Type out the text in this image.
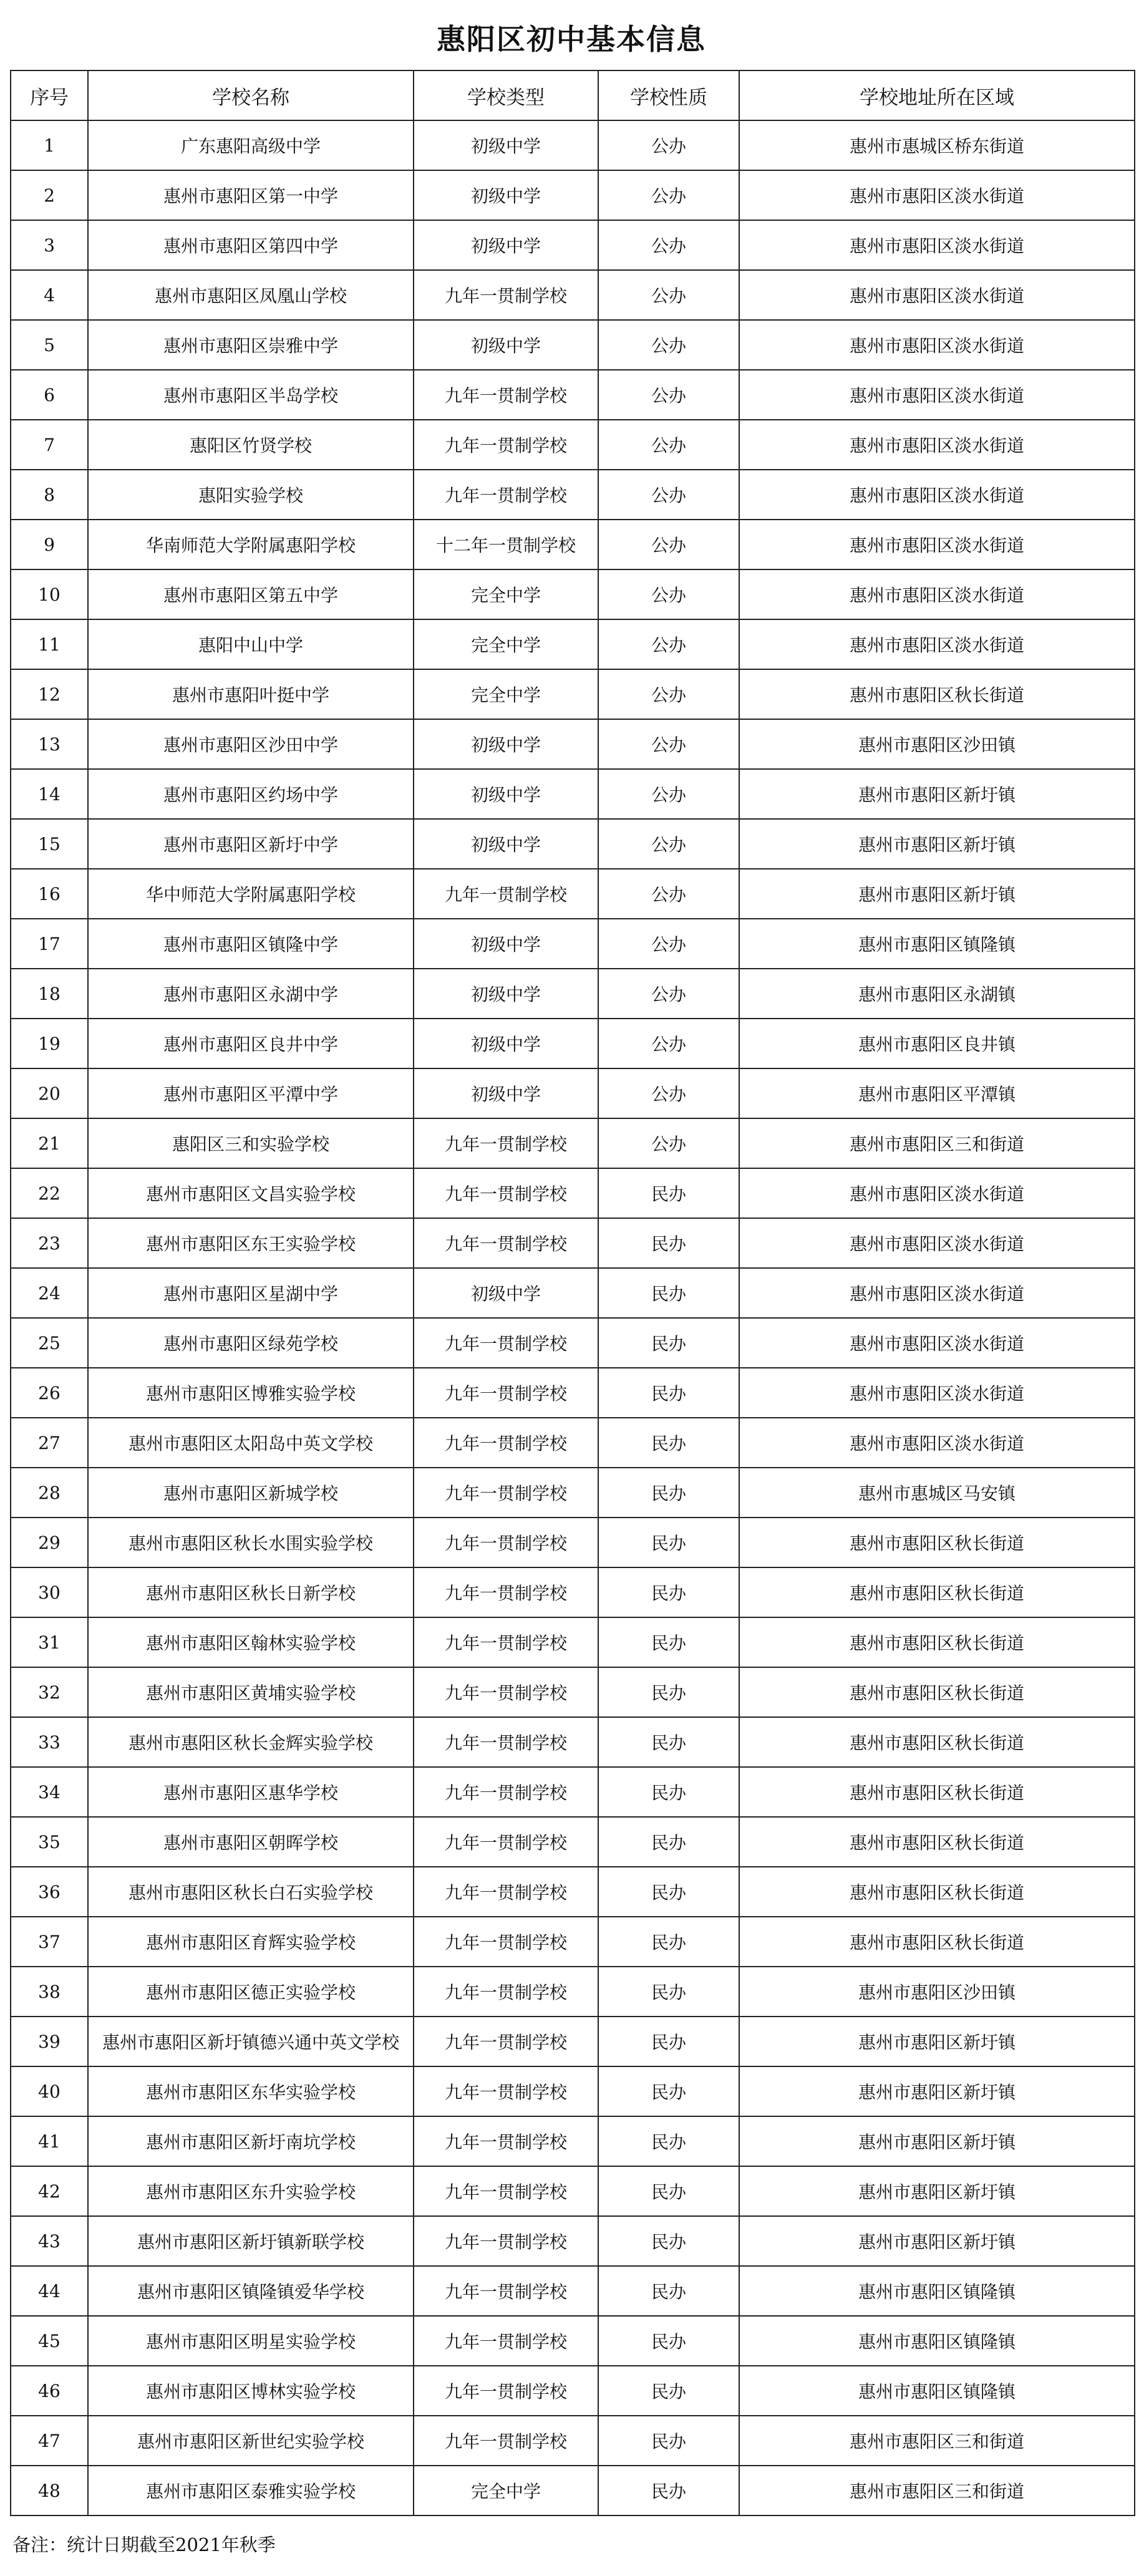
惠阳区初中基本信息
序号	学校名称	学校类型	学校性质	学校地址所在区域
1	广东惠阳高级中学	初级中学	公办	惠州市惠城区桥东街道
2	惠州市惠阳区第一中学	初级中学	公办	惠州市惠阳区淡水街道
3	惠州市惠阳区第四中学	初级中学	公办	惠州市惠阳区淡水街道
4	惠州市惠阳区凤凰山学校	九年一贯制学校	公办	惠州市惠阳区淡水街道
5	惠州市惠阳区崇雅中学	初级中学	公办	惠州市惠阳区淡水街道
6	惠州市惠阳区半岛学校	九年一贯制学校	公办	惠州市惠阳区淡水街道
7	惠阳区竹贤学校	九年一贯制学校	公办	惠州市惠阳区淡水街道
8	惠阳实验学校	九年一贯制学校	公办	惠州市惠阳区淡水街道
9	华南师范大学附属惠阳学校	十二年一贯制学校	公办	惠州市惠阳区淡水街道
10	惠州市惠阳区第五中学	完全中学	公办	惠州市惠阳区淡水街道
11	惠阳中山中学	完全中学	公办	惠州市惠阳区淡水街道
12	惠州市惠阳叶挺中学	完全中学	公办	惠州市惠阳区秋长街道
13	惠州市惠阳区沙田中学	初级中学	公办	惠州市惠阳区沙田镇
14	惠州市惠阳区约场中学	初级中学	公办	惠州市惠阳区新圩镇
15	惠州市惠阳区新圩中学	初级中学	公办	惠州市惠阳区新圩镇
16	华中师范大学附属惠阳学校	九年一贯制学校	公办	惠州市惠阳区新圩镇
17	惠州市惠阳区镇隆中学	初级中学	公办	惠州市惠阳区镇隆镇
18	惠州市惠阳区永湖中学	初级中学	公办	惠州市惠阳区永湖镇
19	惠州市惠阳区良井中学	初级中学	公办	惠州市惠阳区良井镇
20	惠州市惠阳区平潭中学	初级中学	公办	惠州市惠阳区平潭镇
21	惠阳区三和实验学校	九年一贯制学校	公办	惠州市惠阳区三和街道
22	惠州市惠阳区文昌实验学校	九年一贯制学校	民办	惠州市惠阳区淡水街道
23	惠州市惠阳区东王实验学校	九年一贯制学校	民办	惠州市惠阳区淡水街道
24	惠州市惠阳区星湖中学	初级中学	民办	惠州市惠阳区淡水街道
25	惠州市惠阳区绿苑学校	九年一贯制学校	民办	惠州市惠阳区淡水街道
26	惠州市惠阳区博雅实验学校	九年一贯制学校	民办	惠州市惠阳区淡水街道
27	惠州市惠阳区太阳岛中英文学校	九年一贯制学校	民办	惠州市惠阳区淡水街道
28	惠州市惠阳区新城学校	九年一贯制学校	民办	惠州市惠城区马安镇
29	惠州市惠阳区秋长水围实验学校	九年一贯制学校	民办	惠州市惠阳区秋长街道
30	惠州市惠阳区秋长日新学校	九年一贯制学校	民办	惠州市惠阳区秋长街道
31	惠州市惠阳区翰林实验学校	九年一贯制学校	民办	惠州市惠阳区秋长街道
32	惠州市惠阳区黄埔实验学校	九年一贯制学校	民办	惠州市惠阳区秋长街道
33	惠州市惠阳区秋长金辉实验学校	九年一贯制学校	民办	惠州市惠阳区秋长街道
34	惠州市惠阳区惠华学校	九年一贯制学校	民办	惠州市惠阳区秋长街道
35	惠州市惠阳区朝晖学校	九年一贯制学校	民办	惠州市惠阳区秋长街道
36	惠州市惠阳区秋长白石实验学校	九年一贯制学校	民办	惠州市惠阳区秋长街道
37	惠州市惠阳区育辉实验学校	九年一贯制学校	民办	惠州市惠阳区秋长街道
38	惠州市惠阳区德正实验学校	九年一贯制学校	民办	惠州市惠阳区沙田镇
39	惠州市惠阳区新圩镇德兴通中英文学校	九年一贯制学校	民办	惠州市惠阳区新圩镇
40	惠州市惠阳区东华实验学校	九年一贯制学校	民办	惠州市惠阳区新圩镇
41	惠州市惠阳区新圩南坑学校	九年一贯制学校	民办	惠州市惠阳区新圩镇
42	惠州市惠阳区东升实验学校	九年一贯制学校	民办	惠州市惠阳区新圩镇
43	惠州市惠阳区新圩镇新联学校	九年一贯制学校	民办	惠州市惠阳区新圩镇
44	惠州市惠阳区镇隆镇爱华学校	九年一贯制学校	民办	惠州市惠阳区镇隆镇
45	惠州市惠阳区明星实验学校	九年一贯制学校	民办	惠州市惠阳区镇隆镇
46	惠州市惠阳区博林实验学校	九年一贯制学校	民办	惠州市惠阳区镇隆镇
47	惠州市惠阳区新世纪实验学校	九年一贯制学校	民办	惠州市惠阳区三和街道
48	惠州市惠阳区泰雅实验学校	完全中学	民办	惠州市惠阳区三和街道
备注：统计日期截至2021年秋季
